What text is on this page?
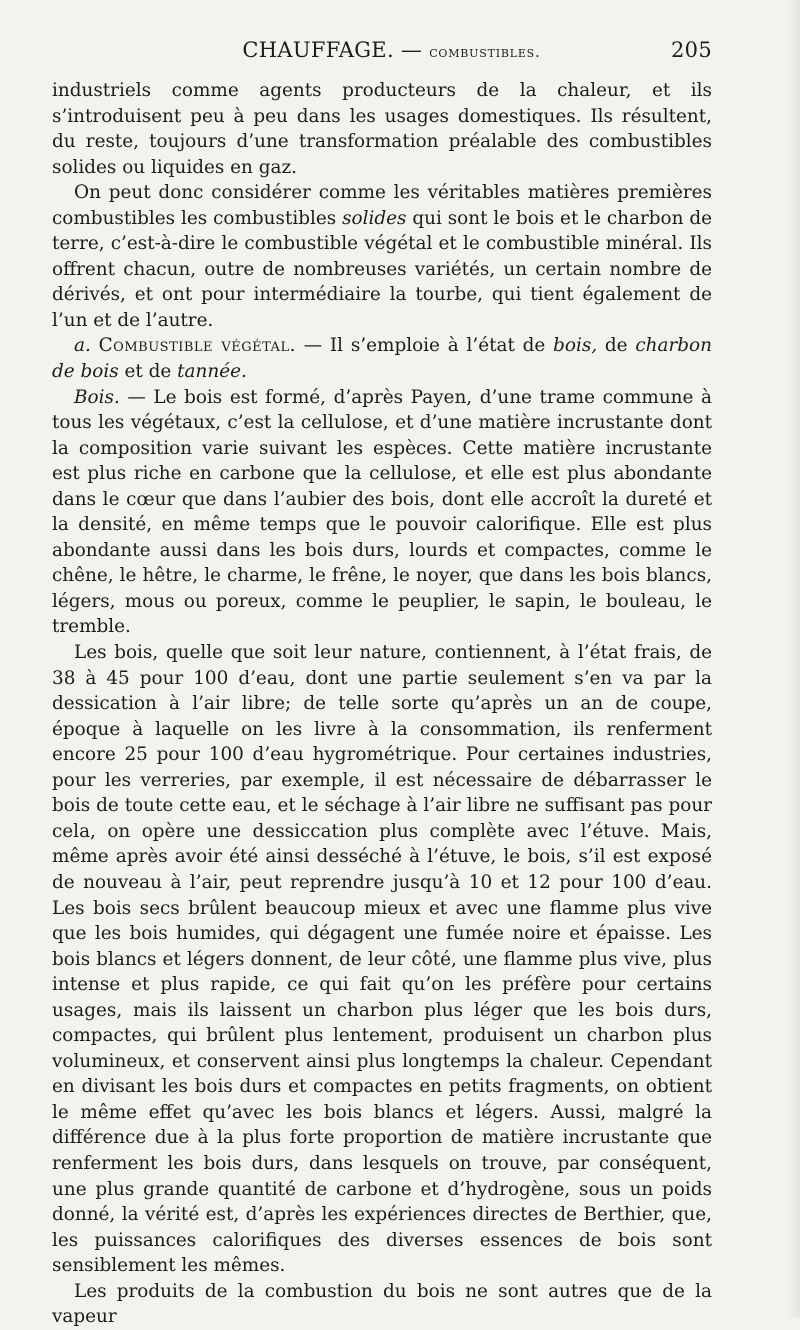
CHAUFFAGE. — combustibles.	205

industriels comme agents producteurs de la chaleur, et ils s’introduisent peu à peu dans les usages domestiques. Ils résultent, du reste, toujours d’une transformation préalable des combustibles solides ou liquides en gaz.

On peut donc considérer comme les véritables matières premières combustibles les combustibles solides qui sont le bois et le charbon de terre, c’est-à-dire le combustible végétal et le combustible minéral. Ils offrent chacun, outre de nombreuses variétés, un certain nombre de dérivés, et ont pour intermédiaire la tourbe, qui tient également de l’un et de l’autre.

a. Combustible végétal. — Il s’emploie à l’état de bois, de charbon de bois et de tannée.

Bois. — Le bois est formé, d’après Payen, d’une trame commune à tous les végétaux, c’est la cellulose, et d’une matière incrustante dont la composition varie suivant les espèces. Cette matière incrustante est plus riche en carbone que la cellulose, et elle est plus abondante dans le cœur que dans l’aubier des bois, dont elle accroît la dureté et la densité, en même temps que le pouvoir calorifique. Elle est plus abondante aussi dans les bois durs, lourds et compactes, comme le chêne, le hêtre, le charme, le frêne, le noyer, que dans les bois blancs, légers, mous ou poreux, comme le peuplier, le sapin, le bouleau, le tremble.

Les bois, quelle que soit leur nature, contiennent, à l’état frais, de 38 à 45 pour 100 d’eau, dont une partie seulement s’en va par la dessication à l’air libre; de telle sorte qu’après un an de coupe, époque à laquelle on les livre à la consommation, ils renferment encore 25 pour 100 d’eau hygrométrique. Pour certaines industries, pour les verreries, par exemple, il est nécessaire de débarrasser le bois de toute cette eau, et le séchage à l’air libre ne suffisant pas pour cela, on opère une dessiccation plus complète avec l’étuve. Mais, même après avoir été ainsi desséché à l’étuve, le bois, s’il est exposé de nouveau à l’air, peut reprendre jusqu’à 10 et 12 pour 100 d’eau. Les bois secs brûlent beaucoup mieux et avec une flamme plus vive que les bois humides, qui dégagent une fumée noire et épaisse. Les bois blancs et légers donnent, de leur côté, une flamme plus vive, plus intense et plus rapide, ce qui fait qu’on les préfère pour certains usages, mais ils laissent un charbon plus léger que les bois durs, compactes, qui brûlent plus lentement, produisent un charbon plus volumineux, et conservent ainsi plus longtemps la chaleur. Cependant en divisant les bois durs et compactes en petits fragments, on obtient le même effet qu’avec les bois blancs et légers. Aussi, malgré la différence due à la plus forte proportion de matière incrustante que renferment les bois durs, dans lesquels on trouve, par conséquent, une plus grande quantité de carbone et d’hydrogène, sous un poids donné, la vérité est, d’après les expériences directes de Berthier, que, les puissances calorifiques des diverses essences de bois sont sensiblement les mêmes.

Les produits de la combustion du bois ne sont autres que de la vapeur
